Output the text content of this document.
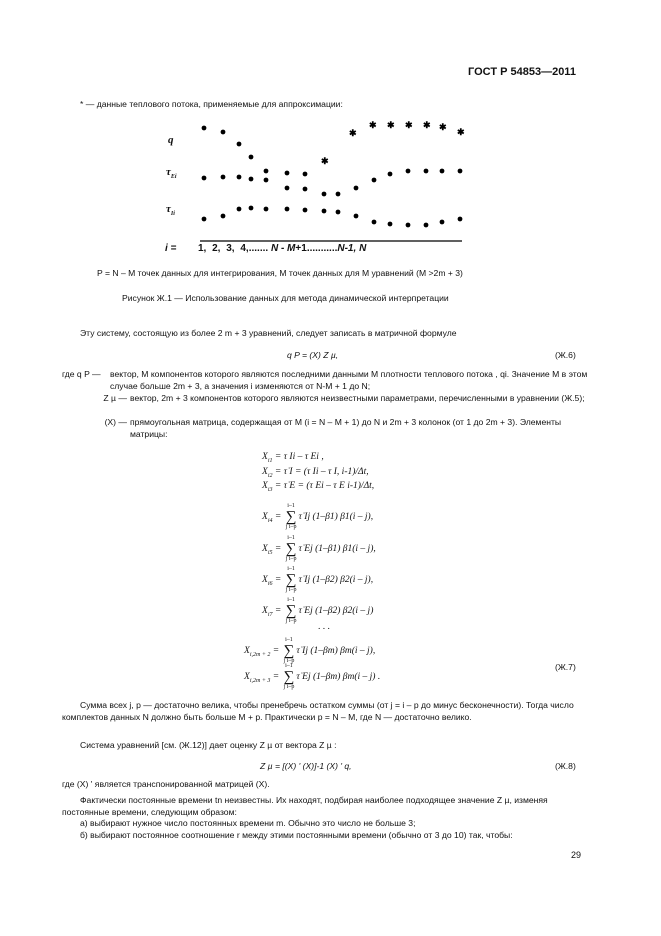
ГОСТ Р 54853—2011
* — данные теплового потока, применяемые для аппроксимации:
✱
✱
✱ ✱ ✱ ✱ ✱ ✱
q
$\tau_{Ei}$
$\tau_{Ii}$
i = 1, 2, 3, 4,....... N - M+1...........N-1, N
P = N – M точек данных для интегрирования, M точек данных для M уравнений (M >2m + 3)
Рисунок Ж.1 — Использование данных для метода динамической интерпретации
Эту систему, состоящую из более 2 m + 3 уравнений, следует записать в матричной формуле
q P = (X) Z µ,	(Ж.6)
где q P —	вектор, M компонентов которого являются последними данными M плотности теплового потока , qi. Значение M в этом случае больше 2m + 3, а значения i изменяются от N-M + 1 до N;
Z µ — вектор, 2m + 3 компонентов которого являются неизвестными параметрами, перечисленными в уравнении (Ж.5);
(X) — прямоугольная матрица, содержащая от M (i = N – M + 1) до N и 2m + 3 колонок (от 1 до 2m + 3). Элементы матрицы:
$X_{i1} = \tau$ Ii – τ Ei ,
$X_{i2}$ = τ̇ I = (τ Ii – τ I, i-1)/Δt,
$X_{i3}$ = τ̇ E = (τ Ei – τ E i-1)/Δt,
$X_{i4}$ =
i–1
∑
j i–p
τ̇ Ij (1–β1) β1(i – j),
$X_{i5}$ =
i–1
∑
j i–p
τ̇ Ej (1–β1) β1(i – j),
$X_{i6}$ =
i–1
∑
j i–p
τ̇ Ij (1–β2) β2(i – j),
$X_{i7}$ =
i–1
∑
j i–p
τ̇ Ej (1–β2) β2(i – j)
$X_{i,2m + 2}$ =
i–1
∑
j i–p
τ̇ Ij (1–βm) βm(i – j),
$X_{i,2m + 3}$ =
i–1
∑
j i–p
τ̇ Ej (1–βm) βm(i – j) .
. . .
(Ж.7)
Сумма всех j, p — достаточно велика, чтобы пренебречь остатком суммы (от j = i – p до минус бесконечности). Тогда число комплектов данных N должно быть больше M + p. Практически p = N – M, где N — достаточно велико.
Система уравнений [см. (Ж.12)] дает оценку Z µ от вектора Z µ :
Z µ = [(X) ' (X)]-1 (X) ' q,	(Ж.8)
где (X) ' является транспонированной матрицей (X).
Фактически постоянные времени tn неизвестны. Их находят, подбирая наиболее подходящее значение Z µ, изменяя постоянные времени, следующим образом:
а) выбирают нужное число постоянных времени m. Обычно это число не больше 3;
б) выбирают постоянное соотношение r между этими постоянными времени (обычно от 3 до 10) так, чтобы:
29
